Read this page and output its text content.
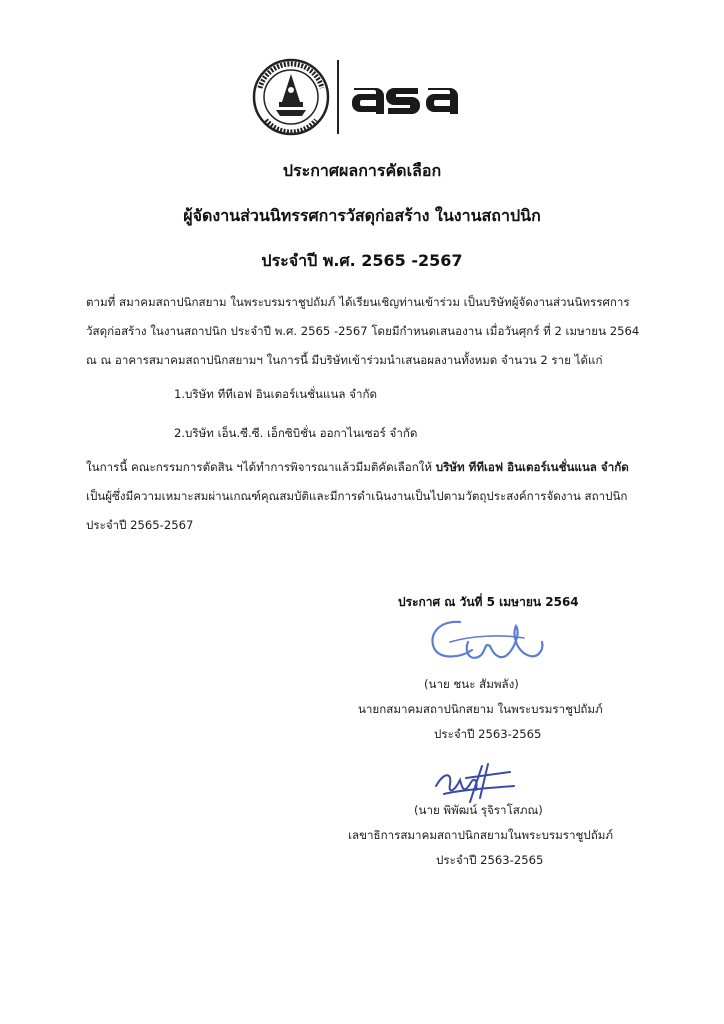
ประกาศผลการคัดเลือก
ผู้จัดงานส่วนนิทรรศการวัสดุก่อสร้าง ในงานสถาปนิก
ประจำปี พ.ศ. 2565 -2567

ตามที่ สมาคมสถาปนิกสยาม ในพระบรมราชูปถัมภ์ ได้เรียนเชิญท่านเข้าร่วม เป็นบริษัทผู้จัดงานส่วนนิทรรศการ

วัสดุก่อสร้าง ในงานสถาปนิก ประจำปี พ.ศ. 2565 -2567 โดยมีกำหนดเสนองาน เมื่อวันศุกร์ ที่ 2 เมษายน 2564

ณ ณ อาคารสมาคมสถาปนิกสยามฯ ในการนี้ มีบริษัทเข้าร่วมนำเสนอผลงานทั้งหมด จำนวน 2 ราย ได้แก่

1.บริษัท ทีทีเอฟ อินเตอร์เนชั่นแนล จำกัด
2.บริษัท เอ็น.ซี.ซี. เอ็กซิบิชั่น ออกาไนเซอร์ จำกัด

ในการนี้ คณะกรรมการตัดสิน ฯได้ทำการพิจารณาแล้วมีมติคัดเลือกให้ บริษัท ทีทีเอฟ อินเตอร์เนชั่นแนล จำกัด

เป็นผู้ซึ่งมีความเหมาะสมผ่านเกณฑ์คุณสมบัติและมีการดำเนินงานเป็นไปตามวัตถุประสงค์การจัดงาน สถาปนิก

ประจำปี 2565-2567

ประกาศ ณ วันที่ 5 เมษายน 2564
(นาย ชนะ สัมพลัง)
นายกสมาคมสถาปนิกสยาม ในพระบรมราชูปถัมภ์
ประจำปี 2563-2565
(นาย พิพัฒน์ รุจิราโสภณ)
เลขาธิการสมาคมสถาปนิกสยามในพระบรมราชูปถัมภ์
ประจำปี 2563-2565
